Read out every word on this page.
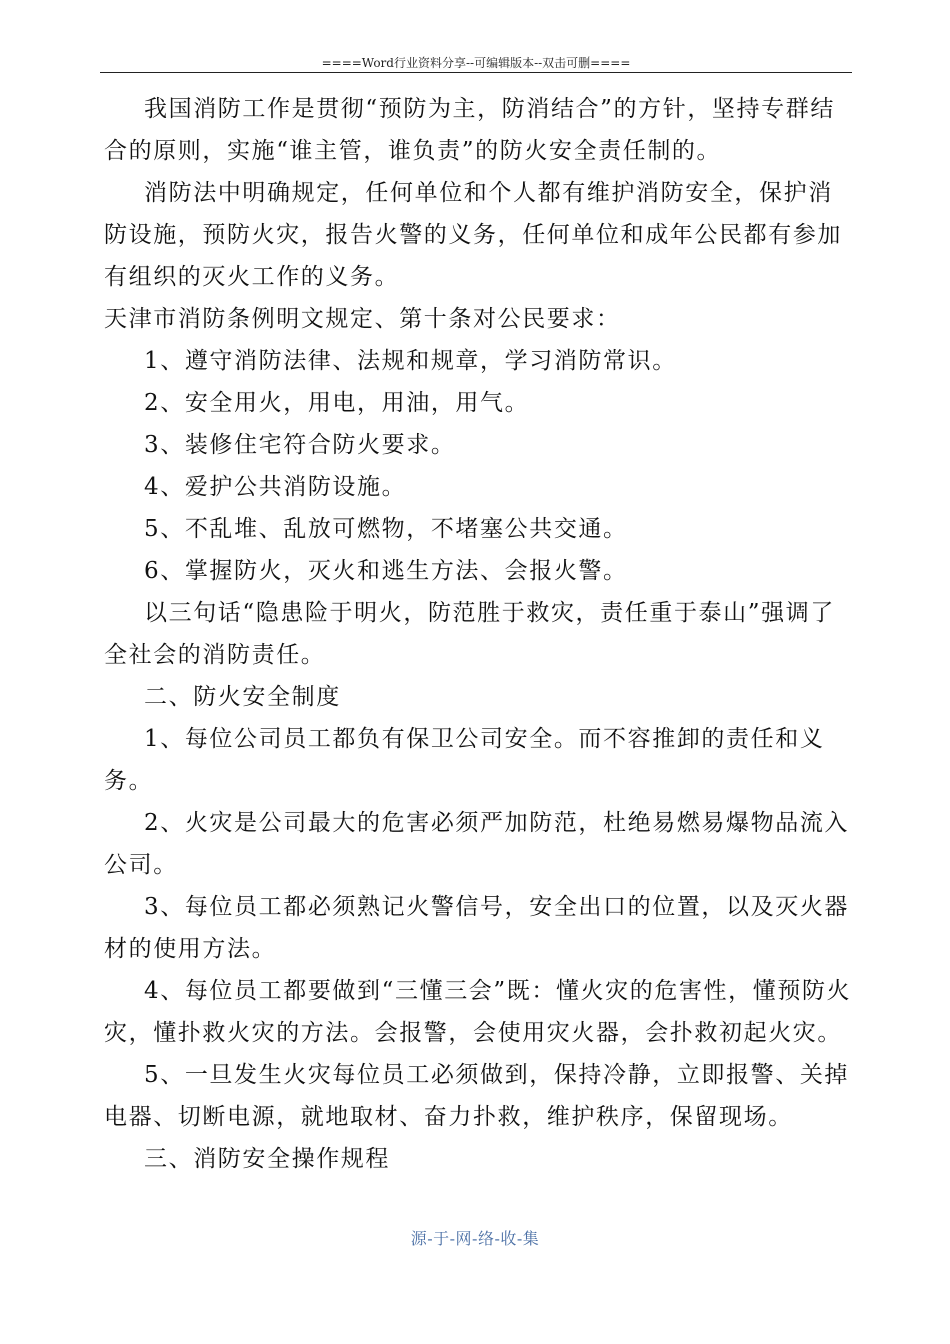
====Word行业资料分享--可编辑版本--双击可删====

我国消防工作是贯彻“预防为主，防消结合”的方针，坚持专群结合的原则，实施“谁主管，谁负责”的防火安全责任制的。

消防法中明确规定，任何单位和个人都有维护消防安全，保护消防设施，预防火灾，报告火警的义务，任何单位和成年公民都有参加有组织的灭火工作的义务。

天津市消防条例明文规定、第十条对公民要求：

1、遵守消防法律、法规和规章，学习消防常识。

2、安全用火，用电，用油，用气。

3、装修住宅符合防火要求。

4、爱护公共消防设施。

5、不乱堆、乱放可燃物，不堵塞公共交通。

6、掌握防火，灭火和逃生方法、会报火警。

以三句话“隐患险于明火，防范胜于救灾，责任重于泰山”强调了全社会的消防责任。

二、防火安全制度

1、每位公司员工都负有保卫公司安全。而不容推卸的责任和义务。

2、火灾是公司最大的危害必须严加防范，杜绝易燃易爆物品流入公司。

3、每位员工都必须熟记火警信号，安全出口的位置，以及灭火器材的使用方法。

4、每位员工都要做到“三懂三会”既：懂火灾的危害性，懂预防火灾，懂扑救火灾的方法。会报警，会使用灾火器，会扑救初起火灾。

5、一旦发生火灾每位员工必须做到，保持冷静，立即报警、关掉电器、切断电源，就地取材、奋力扑救，维护秩序，保留现场。

三、消防安全操作规程

源-于-网-络-收-集
